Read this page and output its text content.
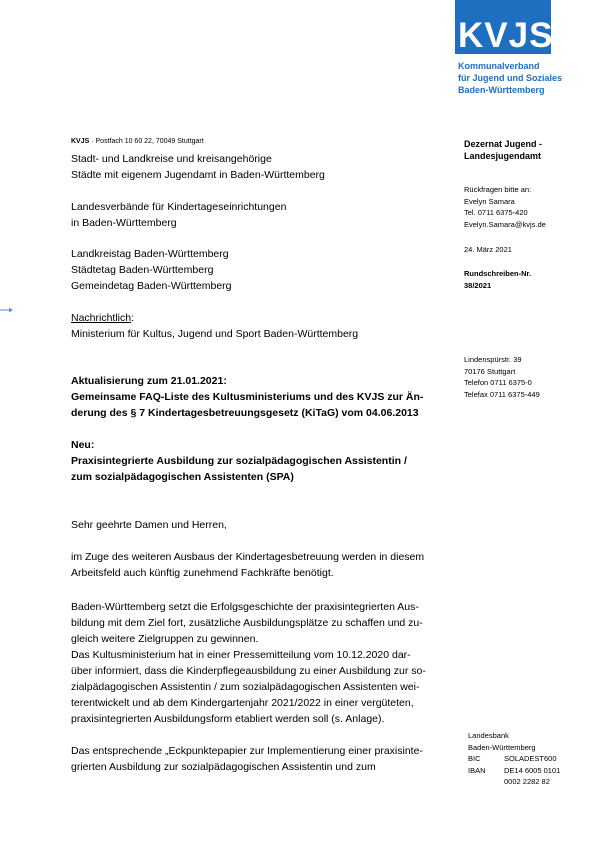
KVJS
Kommunalverband
für Jugend und Soziales
Baden-Württemberg
KVJS · Postfach 10 60 22, 70049 Stuttgart
Stadt- und Landkreise und kreisangehörige
Städte mit eigenem Jugendamt in Baden-Württemberg
Landesverbände für Kindertageseinrichtungen
in Baden-Württemberg
Landkreistag Baden-Württemberg
Städtetag Baden-Württemberg
Gemeindetag Baden-Württemberg
Nachrichtlich:
Ministerium für Kultus, Jugend und Sport Baden-Württemberg
Dezernat Jugend -
Landesjugendamt
Rückfragen bitte an:
Evelyn Samara
Tel. 0711 6375-420
Evelyn.Samara@kvjs.de
24. März 2021
Rundschreiben-Nr.
38/2021
Lindenspürstr. 39
70176 Stuttgart
Telefon 0711 6375-0
Telefax 0711 6375-449
Aktualisierung zum 21.01.2021:
Gemeinsame FAQ-Liste des Kultusministeriums und des KVJS zur Än-
derung des § 7 Kindertagesbetreuungsgesetz (KiTaG) vom 04.06.2013
Neu:
Praxisintegrierte Ausbildung zur sozialpädagogischen Assistentin /
zum sozialpädagogischen Assistenten (SPA)
Sehr geehrte Damen und Herren,
im Zuge des weiteren Ausbaus der Kindertagesbetreuung werden in diesem
Arbeitsfeld auch künftig zunehmend Fachkräfte benötigt.
Baden-Württemberg setzt die Erfolgsgeschichte der praxisintegrierten Aus-
bildung mit dem Ziel fort, zusätzliche Ausbildungsplätze zu schaffen und zu-
gleich weitere Zielgruppen zu gewinnen.
Das Kultusministerium hat in einer Pressemitteilung vom 10.12.2020 dar-
über informiert, dass die Kinderpflegeausbildung zu einer Ausbildung zur so-
zialpädagogischen Assistentin / zum sozialpädagogischen Assistenten wei-
terentwickelt und ab dem Kindergartenjahr 2021/2022 in einer vergüteten,
praxisintegrierten Ausbildungsform etabliert werden soll (s. Anlage).
Das entsprechende „Eckpunktepapier zur Implementierung einer praxisinte-
grierten Ausbildung zur sozialpädagogischen Assistentin und zum
Landesbank
Baden-Württemberg
BIC	SOLADEST600
IBAN	DE14 6005 0101
	0002 2282 82
